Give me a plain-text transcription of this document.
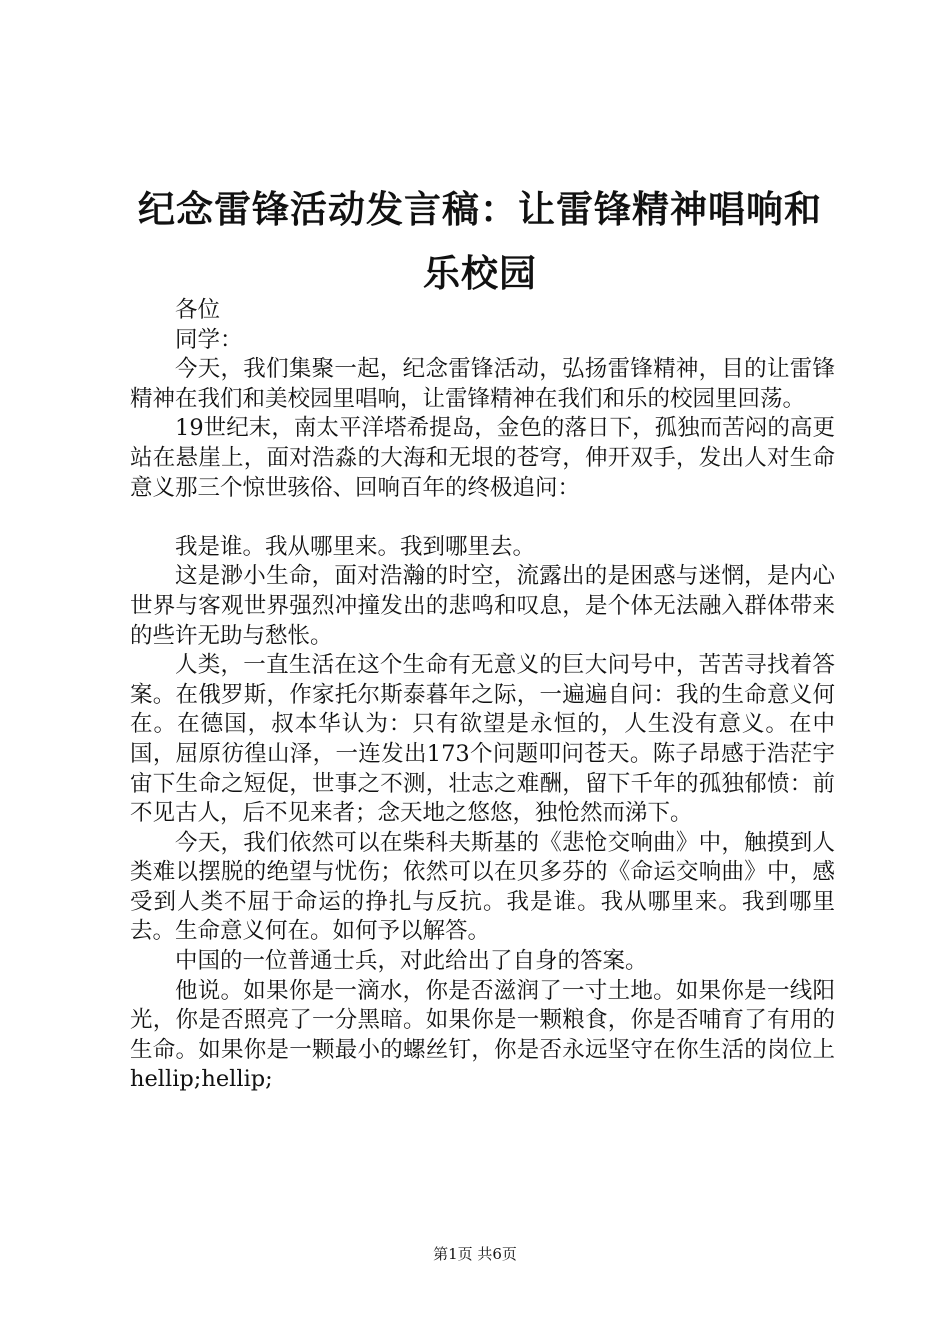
纪念雷锋活动发言稿：让雷锋精神唱响和乐校园

各位

同学：

今天，我们集聚一起，纪念雷锋活动，弘扬雷锋精神，目的让雷锋精神在我们和美校园里唱响，让雷锋精神在我们和乐的校园里回荡。

19世纪末，南太平洋塔希提岛，金色的落日下，孤独而苦闷的高更站在悬崖上，面对浩淼的大海和无垠的苍穹，伸开双手，发出人对生命意义那三个惊世骇俗、回响百年的终极追问：

我是谁。我从哪里来。我到哪里去。

这是渺小生命，面对浩瀚的时空，流露出的是困惑与迷惘，是内心世界与客观世界强烈冲撞发出的悲鸣和叹息，是个体无法融入群体带来的些许无助与愁怅。

人类，一直生活在这个生命有无意义的巨大问号中，苦苦寻找着答案。在俄罗斯，作家托尔斯泰暮年之际，一遍遍自问：我的生命意义何在。在德国，叔本华认为：只有欲望是永恒的，人生没有意义。在中国，屈原彷徨山泽，一连发出173个问题叩问苍天。陈子昂感于浩茫宇宙下生命之短促，世事之不测，壮志之难酬，留下千年的孤独郁愤：前不见古人，后不见来者；念天地之悠悠，独怆然而涕下。

今天，我们依然可以在柴科夫斯基的《悲怆交响曲》中，触摸到人类难以摆脱的绝望与忧伤；依然可以在贝多芬的《命运交响曲》中，感受到人类不屈于命运的挣扎与反抗。我是谁。我从哪里来。我到哪里去。生命意义何在。如何予以解答。

中国的一位普通士兵，对此给出了自身的答案。

他说。如果你是一滴水，你是否滋润了一寸土地。如果你是一线阳光，你是否照亮了一分黑暗。如果你是一颗粮食，你是否哺育了有用的生命。如果你是一颗最小的螺丝钉，你是否永远坚守在你生活的岗位上hellip;hellip;

第1页 共6页
